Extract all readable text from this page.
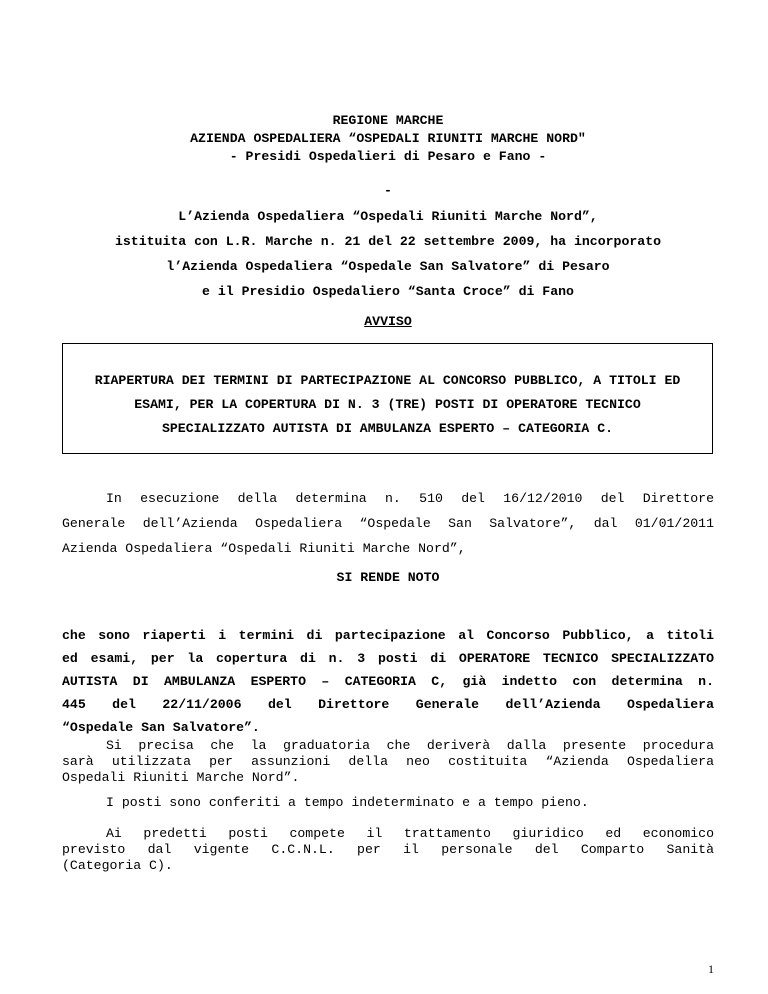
REGIONE MARCHE
AZIENDA OSPEDALIERA “OSPEDALI RIUNITI MARCHE NORD"
- Presidi Ospedalieri di Pesaro e Fano -
-
L’Azienda Ospedaliera “Ospedali Riuniti Marche Nord”,
istituita con L.R. Marche n. 21 del 22 settembre 2009, ha incorporato
l’Azienda Ospedaliera “Ospedale San Salvatore” di Pesaro
e il Presidio Ospedaliero “Santa Croce” di Fano
AVVISO
RIAPERTURA DEI TERMINI DI PARTECIPAZIONE AL CONCORSO PUBBLICO, A TITOLI ED
ESAMI, PER LA COPERTURA DI N. 3 (TRE) POSTI DI OPERATORE TECNICO
SPECIALIZZATO AUTISTA DI AMBULANZA ESPERTO – CATEGORIA C.
In esecuzione della determina n. 510 del 16/12/2010 del Direttore
Generale dell’Azienda Ospedaliera “Ospedale San Salvatore”, dal 01/01/2011
Azienda Ospedaliera “Ospedali Riuniti Marche Nord”,
SI RENDE NOTO
che sono riaperti i termini di partecipazione al Concorso Pubblico, a titoli
ed esami, per la copertura di n. 3 posti di OPERATORE TECNICO SPECIALIZZATO
AUTISTA DI AMBULANZA ESPERTO – CATEGORIA C, già indetto con determina n.
445 del 22/11/2006 del Direttore Generale dell’Azienda Ospedaliera
“Ospedale San Salvatore”.
Si precisa che la graduatoria che deriverà dalla presente procedura
sarà utilizzata per assunzioni della neo costituita “Azienda Ospedaliera
Ospedali Riuniti Marche Nord”.
I posti sono conferiti a tempo indeterminato e a tempo pieno.
Ai predetti posti compete il trattamento giuridico ed economico
previsto dal vigente C.C.N.L. per il personale del Comparto Sanità
(Categoria C).
1
